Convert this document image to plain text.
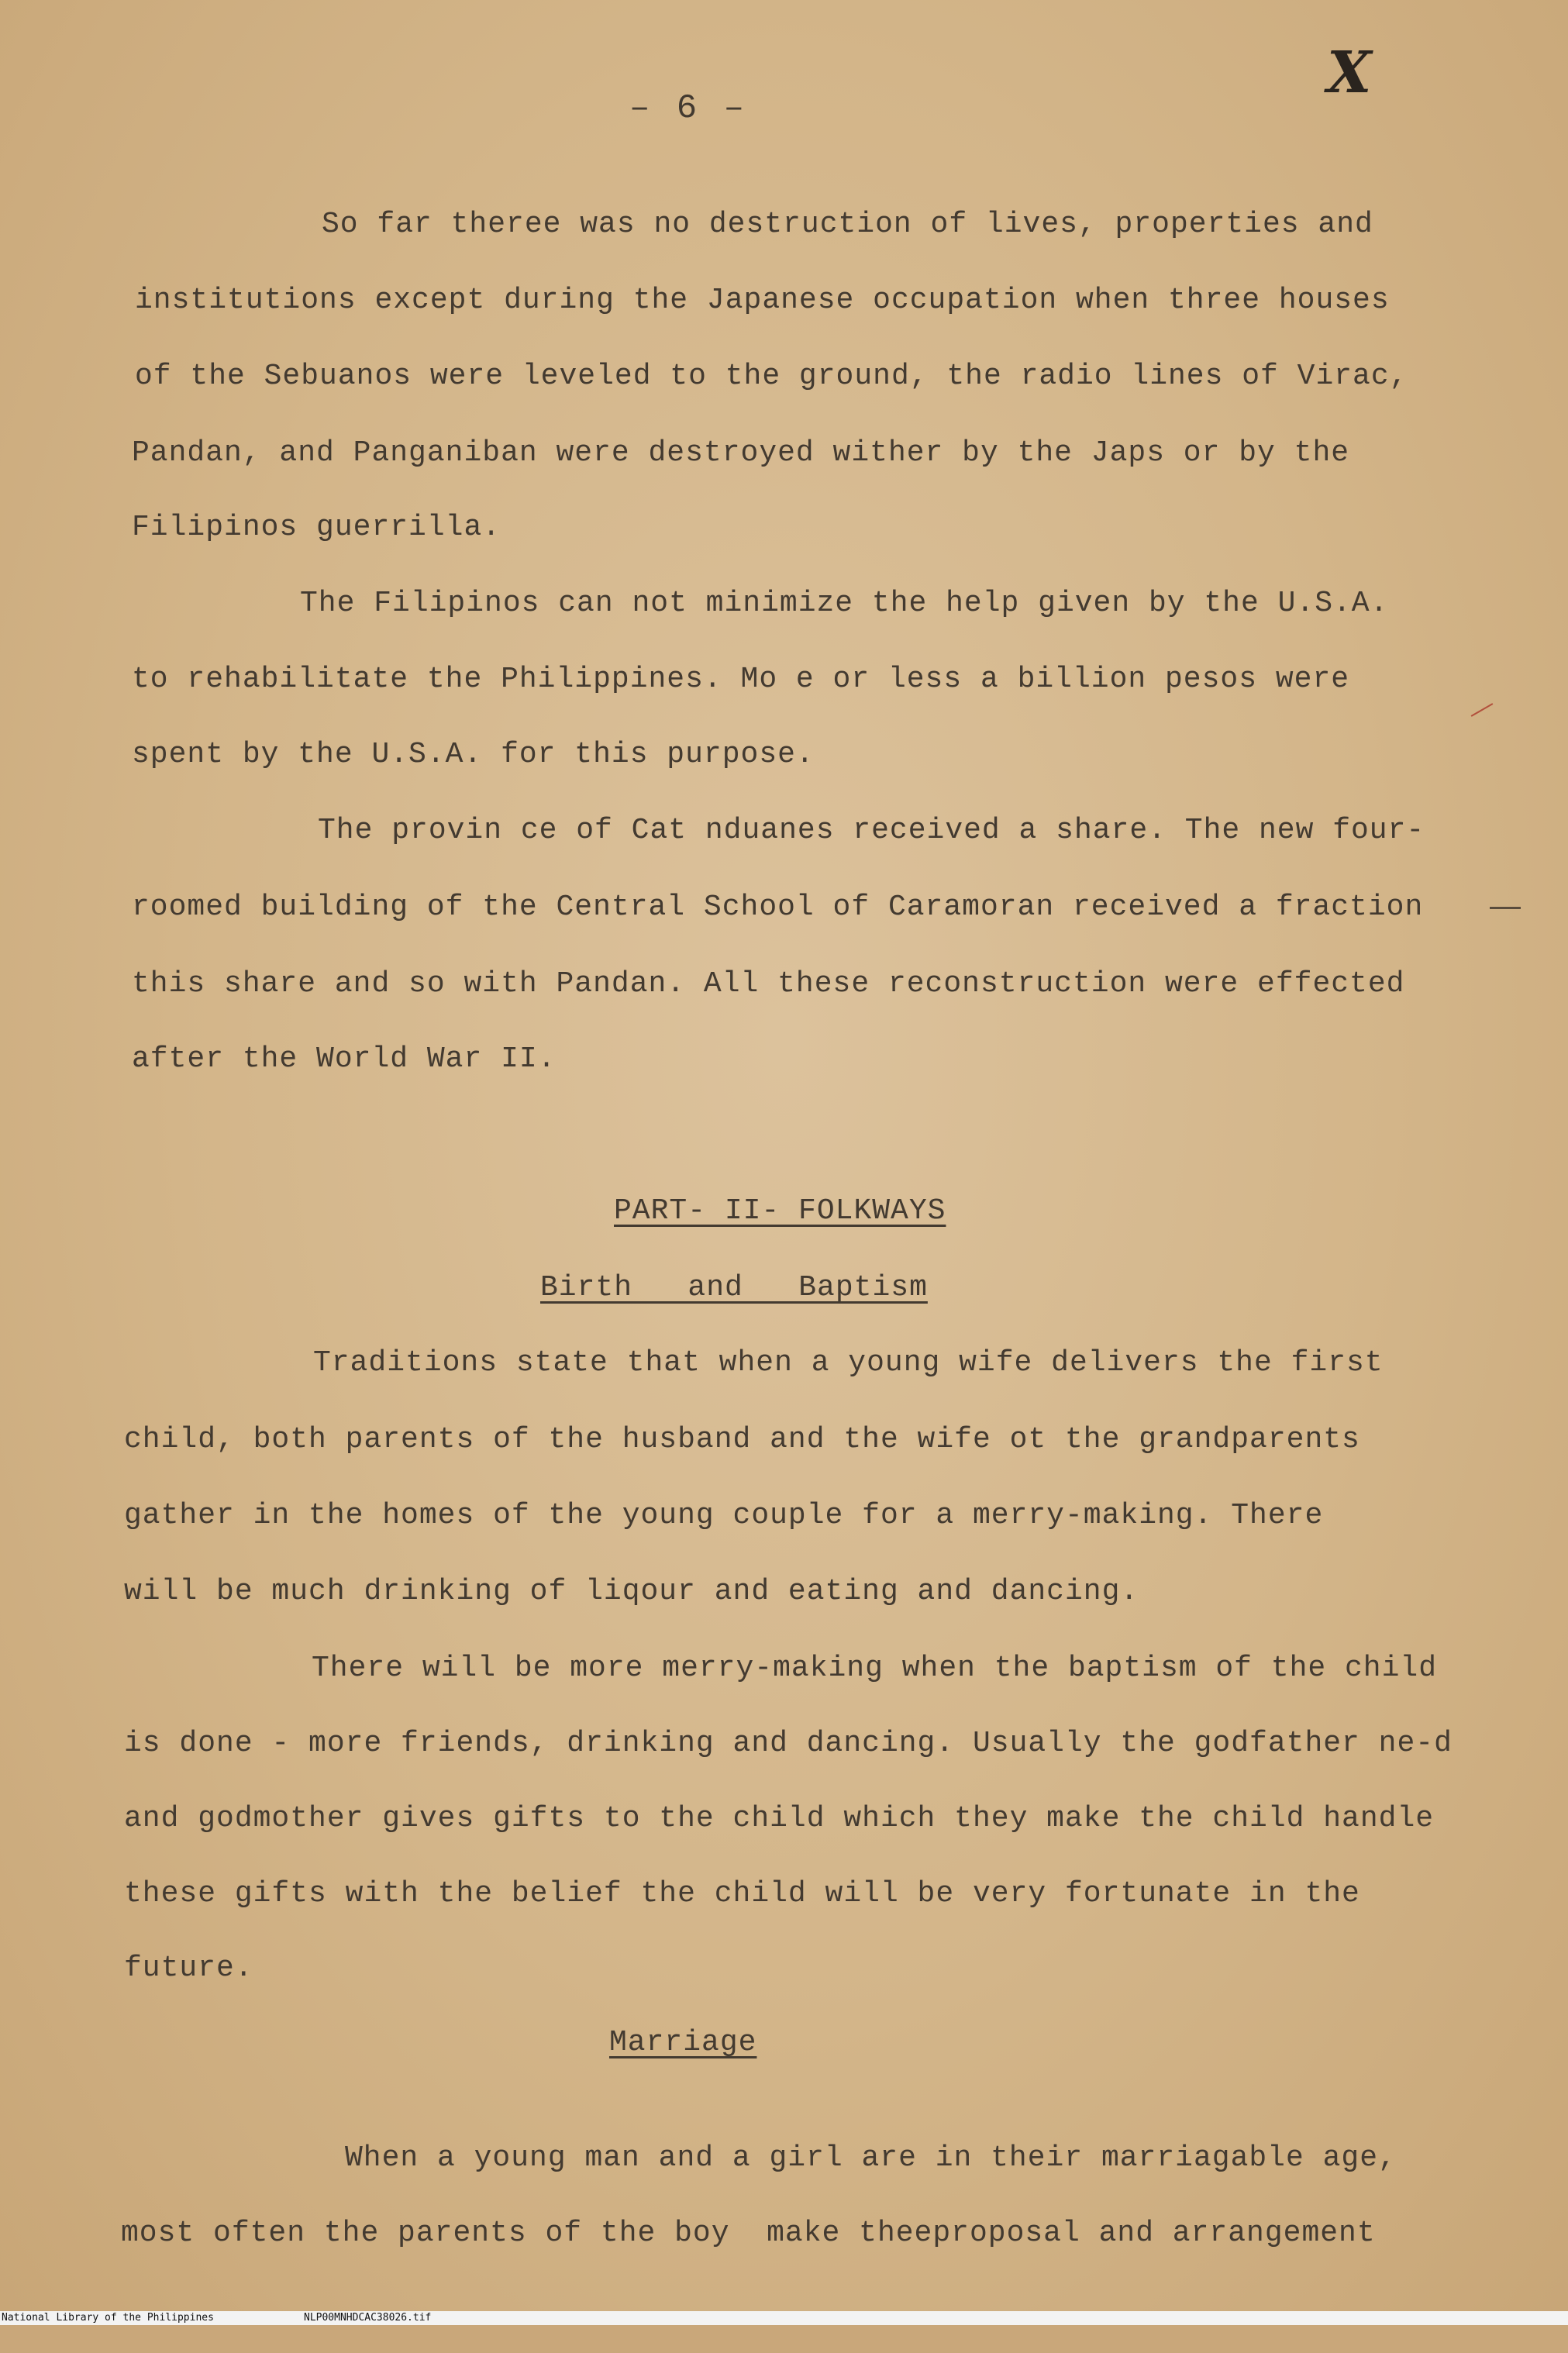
– 6 –
X
So far theree was no destruction of lives, properties and
institutions except during the Japanese occupation when three houses
of the Sebuanos were leveled to the ground, the radio lines of Virac,
Pandan, and Panganiban were destroyed wither by the Japs or by the
Filipinos guerrilla.
The Filipinos can not minimize the help given by the U.S.A.
to rehabilitate the Philippines. Mo e or less a billion pesos were
spent by the U.S.A. for this purpose.
The provin ce of Cat nduanes received a share. The new four-
roomed building of the Central School of Caramoran received a fraction
this share and so with Pandan. All these reconstruction were effected
after the World War II.
PART- II- FOLKWAYS
Birth   and   Baptism
Traditions state that when a young wife delivers the first
child, both parents of the husband and the wife ot the grandparents
gather in the homes of the young couple for a merry-making. There
will be much drinking of liqour and eating and dancing.
There will be more merry-making when the baptism of the child
is done - more friends, drinking and dancing. Usually the godfather ne-d
and godmother gives gifts to the child which they make the child handle
these gifts with the belief the child will be very fortunate in the
future.
Marriage
When a young man and a girl are in their marriagable age,
most often the parents of the boy  make theeproposal and arrangement

National Library of the Philippines

	NLP00MNHDCAC38026.tif
